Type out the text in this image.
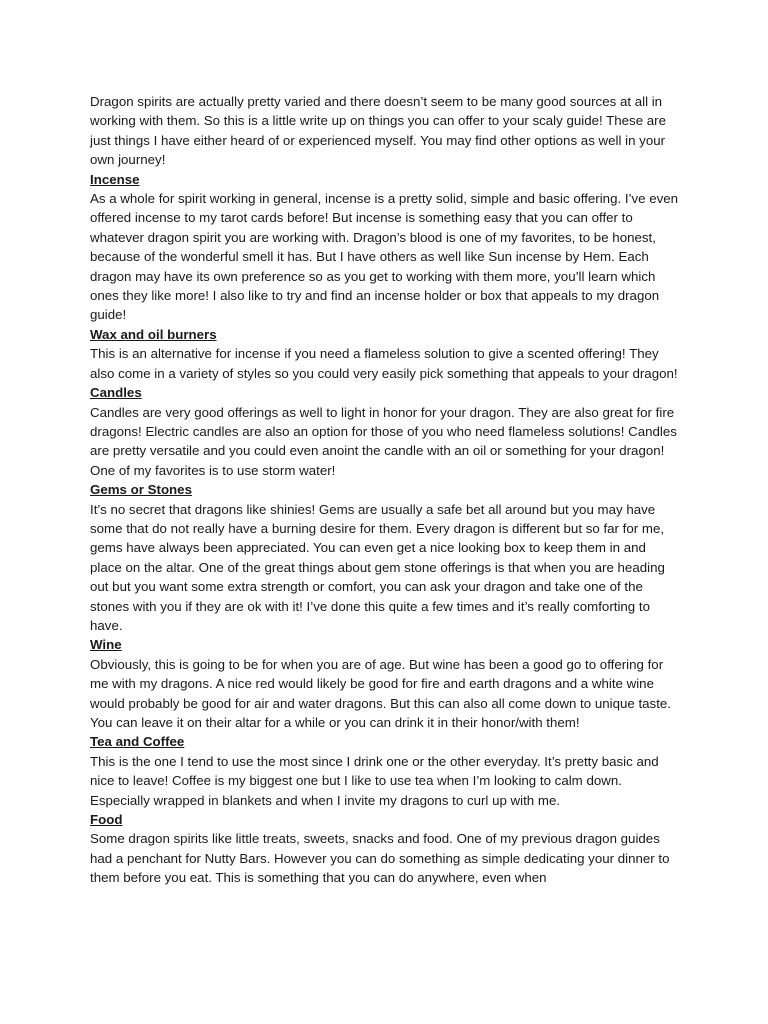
Dragon spirits are actually pretty varied and there doesn’t seem to be many good sources at all in working with them. So this is a little write up on things you can offer to your scaly guide! These are just things I have either heard of or experienced myself. You may find other options as well in your own journey!

Incense

As a whole for spirit working in general, incense is a pretty solid, simple and basic offering. I’ve even offered incense to my tarot cards before! But incense is something easy that you can offer to whatever dragon spirit you are working with. Dragon’s blood is one of my favorites, to be honest, because of the wonderful smell it has. But I have others as well like Sun incense by Hem. Each dragon may have its own preference so as you get to working with them more, you’ll learn which ones they like more! I also like to try and find an incense holder or box that appeals to my dragon guide!

Wax and oil burners

This is an alternative for incense if you need a flameless solution to give a scented offering! They also come in a variety of styles so you could very easily pick something that appeals to your dragon!

Candles

Candles are very good offerings as well to light in honor for your dragon. They are also great for fire dragons! Electric candles are also an option for those of you who need flameless solutions! Candles are pretty versatile and you could even anoint the candle with an oil or something for your dragon! One of my favorites is to use storm water!

Gems or Stones

It’s no secret that dragons like shinies! Gems are usually a safe bet all around but you may have some that do not really have a burning desire for them. Every dragon is different but so far for me, gems have always been appreciated. You can even get a nice looking box to keep them in and place on the altar. One of the great things about gem stone offerings is that when you are heading out but you want some extra strength or comfort, you can ask your dragon and take one of the stones with you if they are ok with it! I’ve done this quite a few times and it’s really comforting to have.

Wine

Obviously, this is going to be for when you are of age. But wine has been a good go to offering for me with my dragons. A nice red would likely be good for fire and earth dragons and a white wine would probably be good for air and water dragons. But this can also all come down to unique taste. You can leave it on their altar for a while or you can drink it in their honor/with them!

Tea and Coffee

This is the one I tend to use the most since I drink one or the other everyday. It’s pretty basic and nice to leave! Coffee is my biggest one but I like to use tea when I’m looking to calm down. Especially wrapped in blankets and when I invite my dragons to curl up with me.

Food

Some dragon spirits like little treats, sweets, snacks and food. One of my previous dragon guides had a penchant for Nutty Bars. However you can do something as simple dedicating your dinner to them before you eat. This is something that you can do anywhere, even when
